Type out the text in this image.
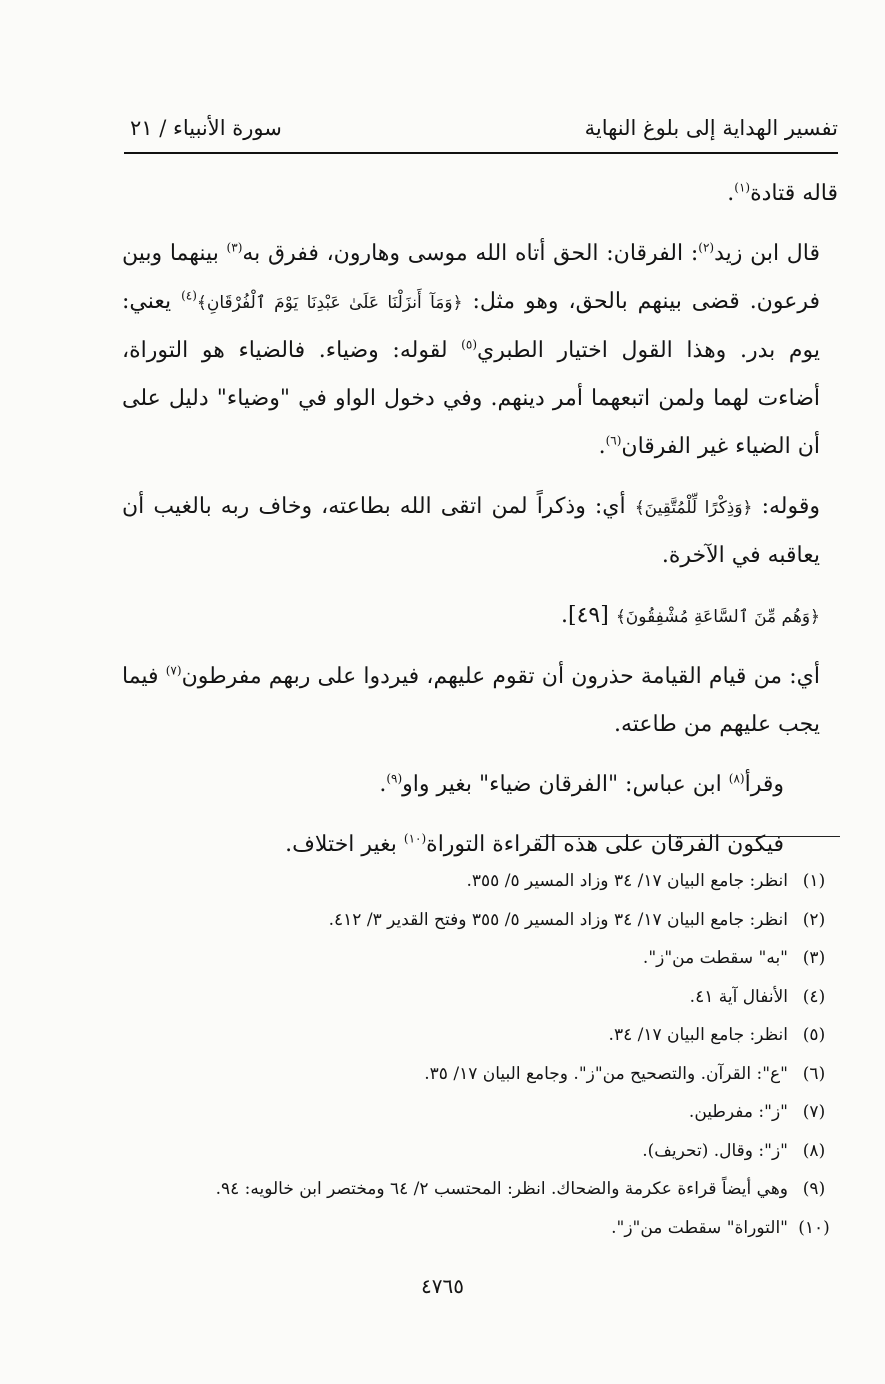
تفسير الهداية إلى بلوغ النهاية
سورة الأنبياء / ٢١

قاله قتادة$^{(١)}$.

قال ابن زيد$^{(٢)}$: الفرقان: الحق أتاه الله موسى وهارون، ففرق به$^{(٣)}$ بينهما وبين فرعون. قضى بينهم بالحق، وهو مثل: ﴿وَمَآ أَنزَلْنَا عَلَىٰ عَبْدِنَا يَوْمَ ٱلْفُرْقَانِ﴾$^{(٤)}$ يعني: يوم بدر. وهذا القول اختيار الطبري$^{(٥)}$ لقوله: وضياء. فالضياء هو التوراة، أضاءت لهما ولمن اتبعهما أمر دينهم. وفي دخول الواو في "وضياء" دليل على أن الضياء غير الفرقان$^{(٦)}$.

وقوله: ﴿وَذِكْرًا لِّلْمُتَّقِينَ﴾ أي: وذكراً لمن اتقى الله بطاعته، وخاف ربه بالغيب أن يعاقبه في الآخرة.

﴿وَهُم مِّنَ ٱلسَّاعَةِ مُشْفِقُونَ﴾ [٤٩].

أي: من قيام القيامة حذرون أن تقوم عليهم، فيردوا على ربهم مفرطون$^{(٧)}$ فيما يجب عليهم من طاعته.

وقرأ$^{(٨)}$ ابن عباس: "الفرقان ضياء" بغير واو$^{(٩)}$.

فيكون الفرقان على هذه القراءة التوراة$^{(١٠)}$ بغير اختلاف.

(١)
انظر: جامع البيان ١٧/ ٣٤ وزاد المسير ٥/ ٣٥٥.
(٢)
انظر: جامع البيان ١٧/ ٣٤ وزاد المسير ٥/ ٣٥٥ وفتح القدير ٣/ ٤١٢.
(٣)
"به" سقطت من"ز".
(٤)
الأنفال آية ٤١.
(٥)
انظر: جامع البيان ١٧/ ٣٤.
(٦)
"ع": القرآن. والتصحيح من"ز". وجامع البيان ١٧/ ٣٥.
(٧)
"ز": مفرطين.
(٨)
"ز": وقال. (تحريف).
(٩)
وهي أيضاً قراءة عكرمة والضحاك. انظر: المحتسب ٢/ ٦٤ ومختصر ابن خالويه: ٩٤.
(١٠)
"التوراة" سقطت من"ز".
٤٧٦٥
